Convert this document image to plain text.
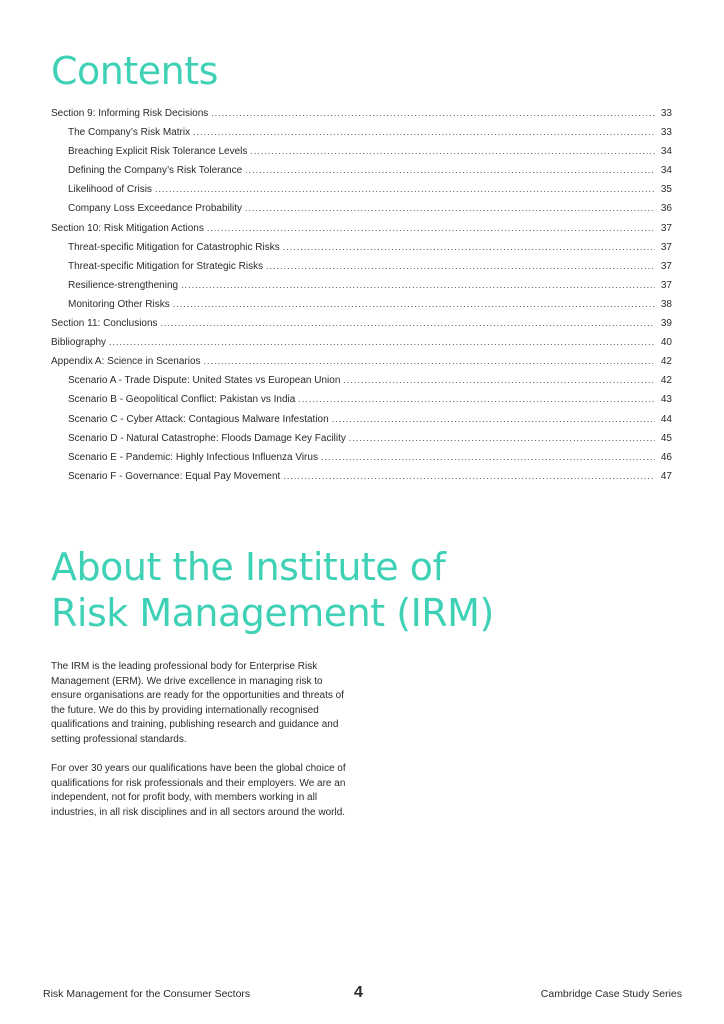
Contents
Section 9: Informing Risk Decisions .....	33
The Company’s Risk Matrix .....	33
Breaching Explicit Risk Tolerance Levels .....	34
Defining the Company’s Risk Tolerance .....	34
Likelihood of Crisis .....	35
Company Loss Exceedance Probability .....	36
Section 10: Risk Mitigation Actions .....	37
Threat-specific Mitigation for Catastrophic Risks .....	37
Threat-specific Mitigation for Strategic Risks .....	37
Resilience-strengthening .....	37
Monitoring Other Risks .....	38
Section 11: Conclusions .....	39
Bibliography .....	40
Appendix A: Science in Scenarios .....	42
Scenario A - Trade Dispute: United States vs European Union .....	42
Scenario B - Geopolitical Conflict: Pakistan vs India .....	43
Scenario C - Cyber Attack: Contagious Malware Infestation .....	44
Scenario D - Natural Catastrophe: Floods Damage Key Facility .....	45
Scenario E - Pandemic: Highly Infectious Influenza Virus .....	46
Scenario F - Governance: Equal Pay Movement .....	47
About the Institute of
Risk Management (IRM)

The IRM is the leading professional body for Enterprise Risk Management (ERM). We drive excellence in managing risk to ensure organisations are ready for the opportunities and threats of the future. We do this by providing internationally recognised qualifications and training, publishing research and guidance and setting professional standards.

For over 30 years our qualifications have been the global choice of qualifications for risk professionals and their employers. We are an independent, not for profit body, with members working in all industries, in all risk disciplines and in all sectors around the world.

Risk Management for the Consumer Sectors	4	Cambridge Case Study Series
